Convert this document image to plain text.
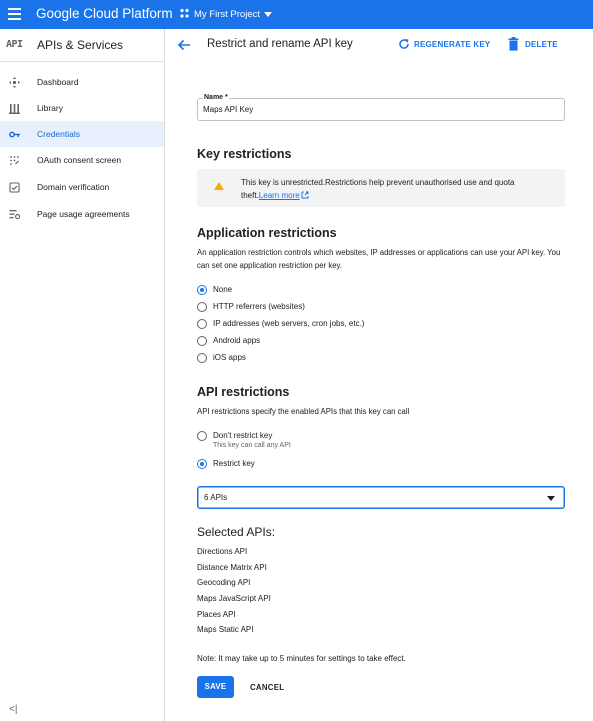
Google Cloud Platform My First Project
API APIs & Services
Dashboard
Library
Credentials
OAuth consent screen
Domain verification
Page usage agreements
<|
Restrict and rename API key	REGENERATE KEY	DELETE
Name *
Maps API Key
Key restrictions
This key is unrestricted.Restrictions help prevent unauthorised use and quota theft.Learn more
Application restrictions
An application restriction controls which websites, IP addresses or applications can use your API key. You can set one application restriction per key.
None
HTTP referrers (websites)
IP addresses (web servers, cron jobs, etc.)
Android apps
iOS apps
API restrictions
API restrictions specify the enabled APIs that this key can call
Don't restrict key
This key can call any API
Restrict key
6 APIs
Selected APIs:
Directions API
Distance Matrix API
Geocoding API
Maps JavaScript API
Places API
Maps Static API
Note: It may take up to 5 minutes for settings to take effect.
SAVE	CANCEL
